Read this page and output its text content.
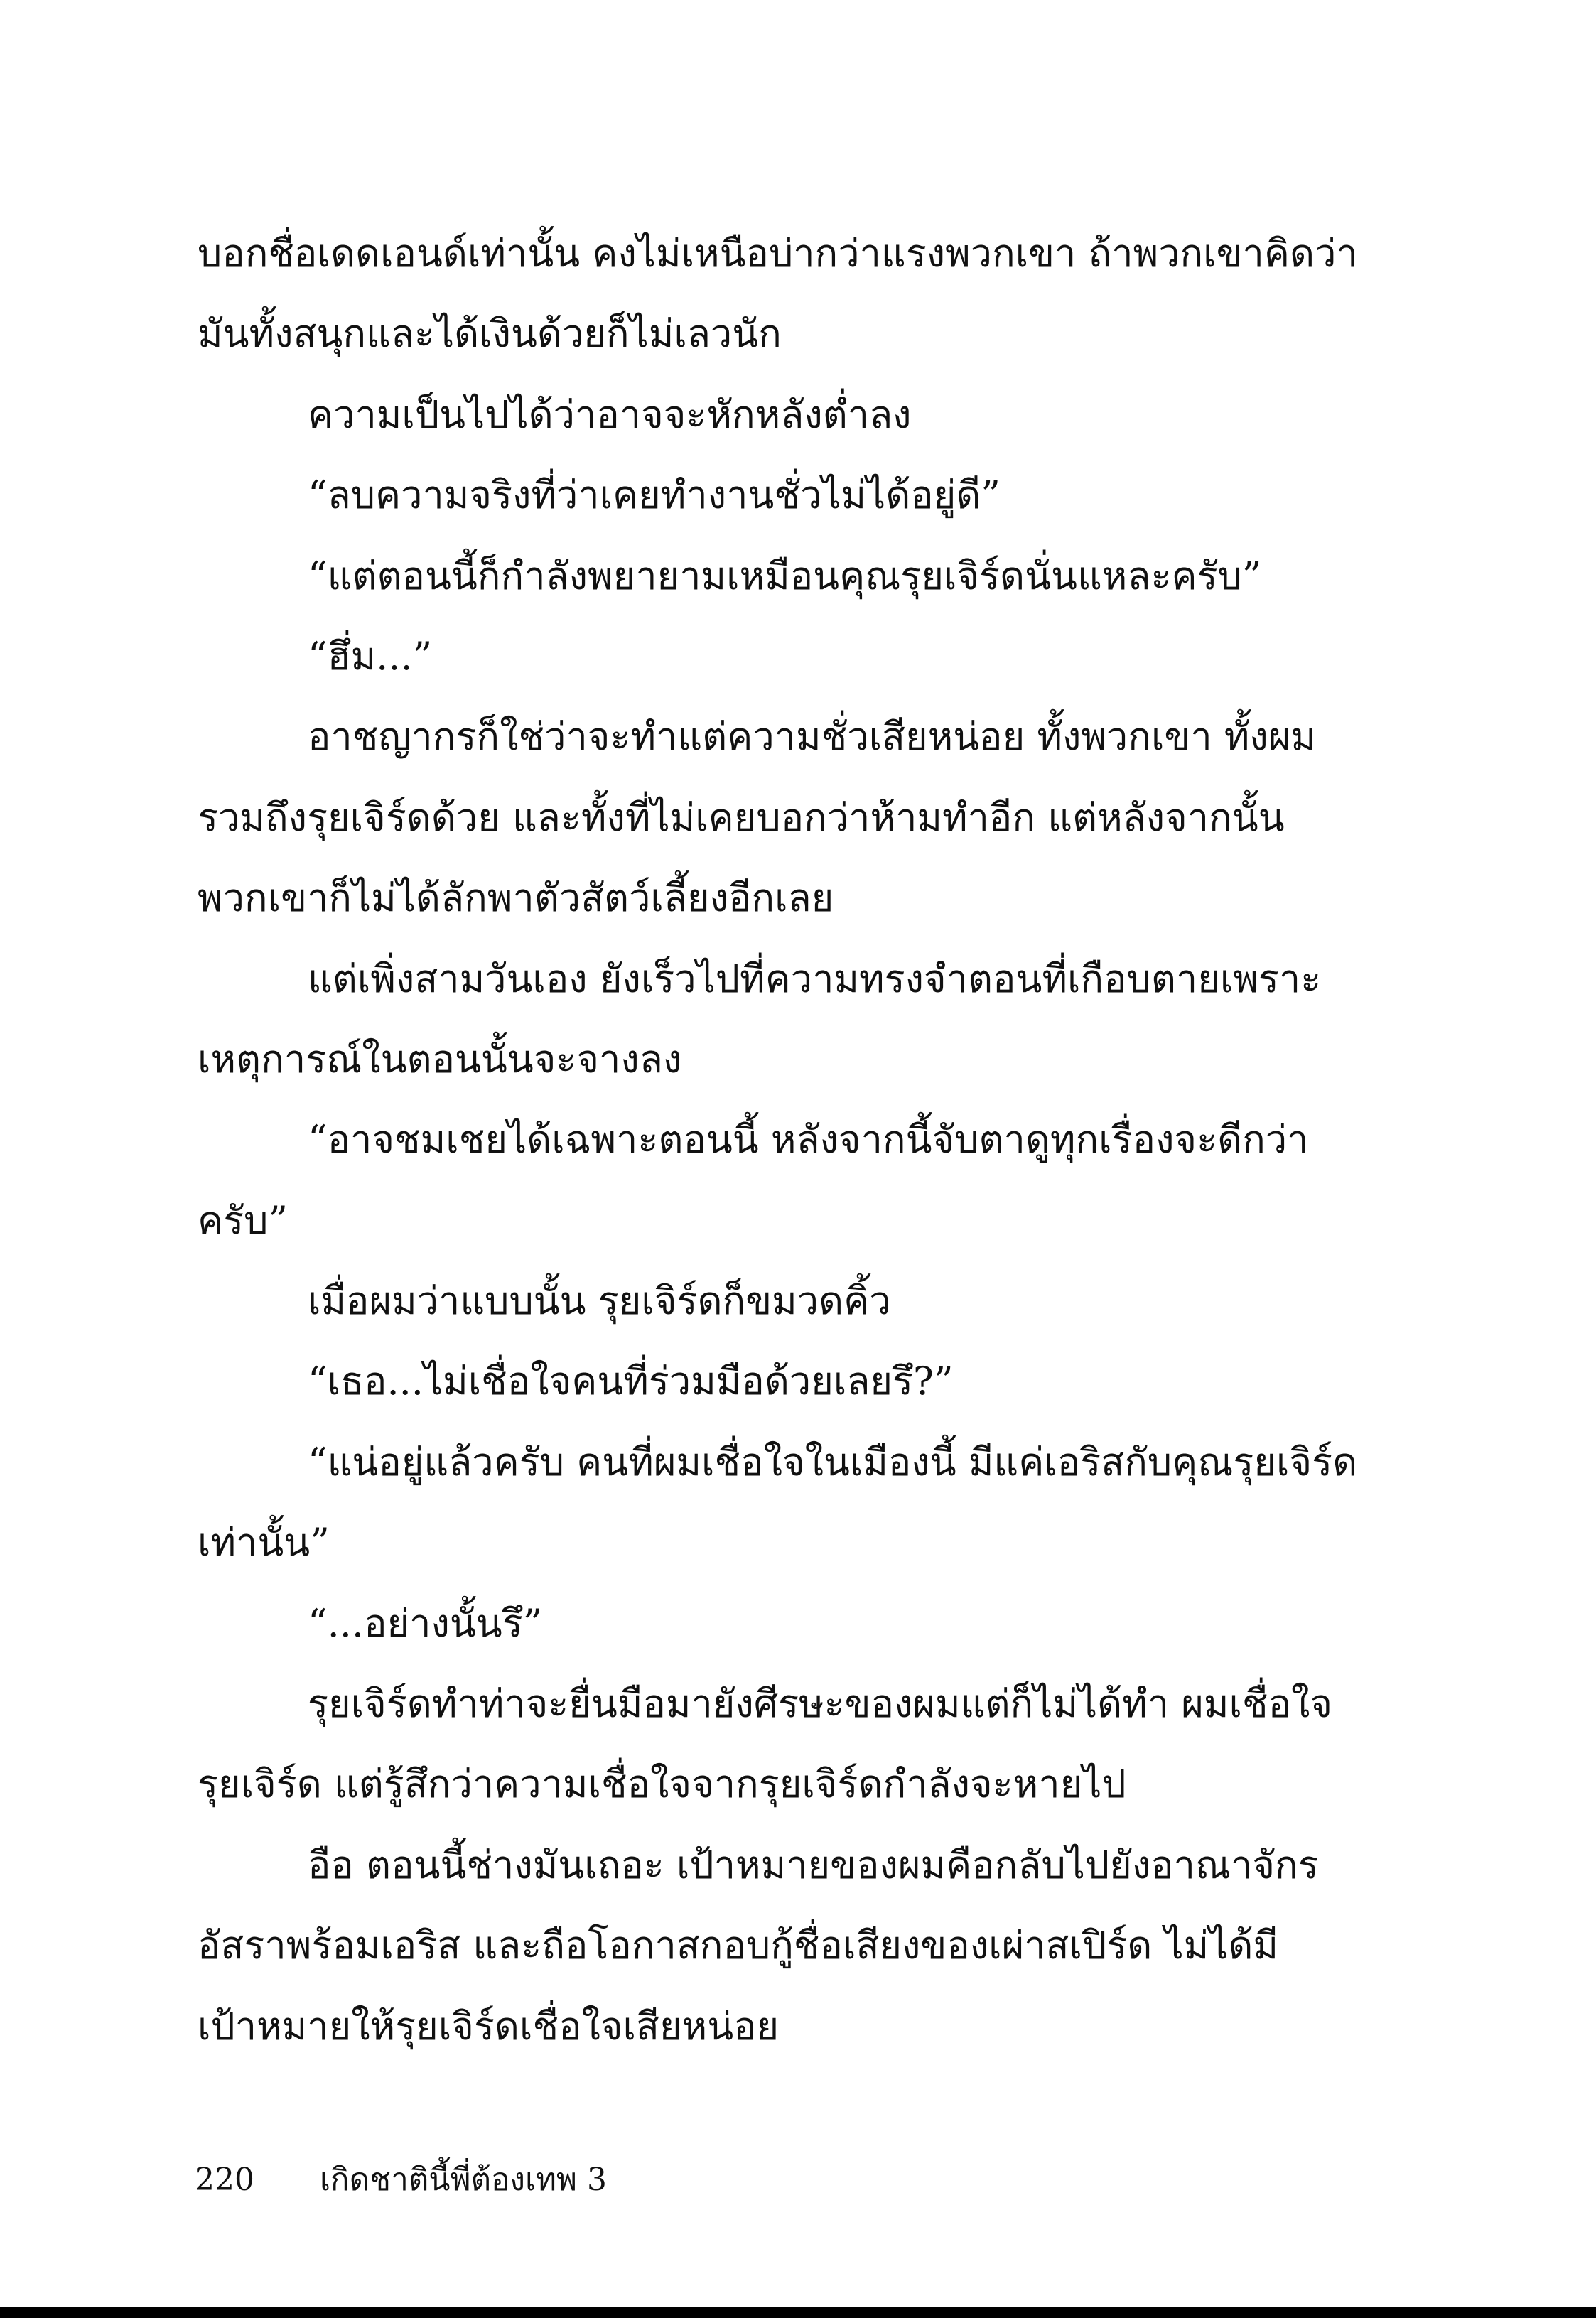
บอกชื่อเดดเอนด์เท่านั้น คงไม่เหนือบ่ากว่าแรงพวกเขา ถ้าพวกเขาคิดว่า
มันทั้งสนุกและได้เงินด้วยก็ไม่เลวนัก
ความเป็นไปได้ว่าอาจจะหักหลังต่ำลง
“ลบความจริงที่ว่าเคยทำงานชั่วไม่ได้อยู่ดี”
“แต่ตอนนี้ก็กำลังพยายามเหมือนคุณรุยเจิร์ดนั่นแหละครับ”
“ฮึ่ม...”
อาชญากรก็ใช่ว่าจะทำแต่ความชั่วเสียหน่อย ทั้งพวกเขา ทั้งผม
รวมถึงรุยเจิร์ดด้วย และทั้งที่ไม่เคยบอกว่าห้ามทำอีก แต่หลังจากนั้น
พวกเขาก็ไม่ได้ลักพาตัวสัตว์เลี้ยงอีกเลย
แต่เพิ่งสามวันเอง ยังเร็วไปที่ความทรงจำตอนที่เกือบตายเพราะ
เหตุการณ์ในตอนนั้นจะจางลง
“อาจชมเชยได้เฉพาะตอนนี้ หลังจากนี้จับตาดูทุกเรื่องจะดีกว่า
ครับ”
เมื่อผมว่าแบบนั้น รุยเจิร์ดก็ขมวดคิ้ว
“เธอ...ไม่เชื่อใจคนที่ร่วมมือด้วยเลยรึ?”
“แน่อยู่แล้วครับ คนที่ผมเชื่อใจในเมืองนี้ มีแค่เอริสกับคุณรุยเจิร์ด
เท่านั้น”
“...อย่างนั้นรึ”
รุยเจิร์ดทำท่าจะยื่นมือมายังศีรษะของผมแต่ก็ไม่ได้ทำ ผมเชื่อใจ
รุยเจิร์ด แต่รู้สึกว่าความเชื่อใจจากรุยเจิร์ดกำลังจะหายไป
อือ ตอนนี้ช่างมันเถอะ เป้าหมายของผมคือกลับไปยังอาณาจักร
อัสราพร้อมเอริส และถือโอกาสกอบกู้ชื่อเสียงของเผ่าสเปิร์ด ไม่ได้มี
เป้าหมายให้รุยเจิร์ดเชื่อใจเสียหน่อย
220 เกิดชาตินี้พี่ต้องเทพ 3
